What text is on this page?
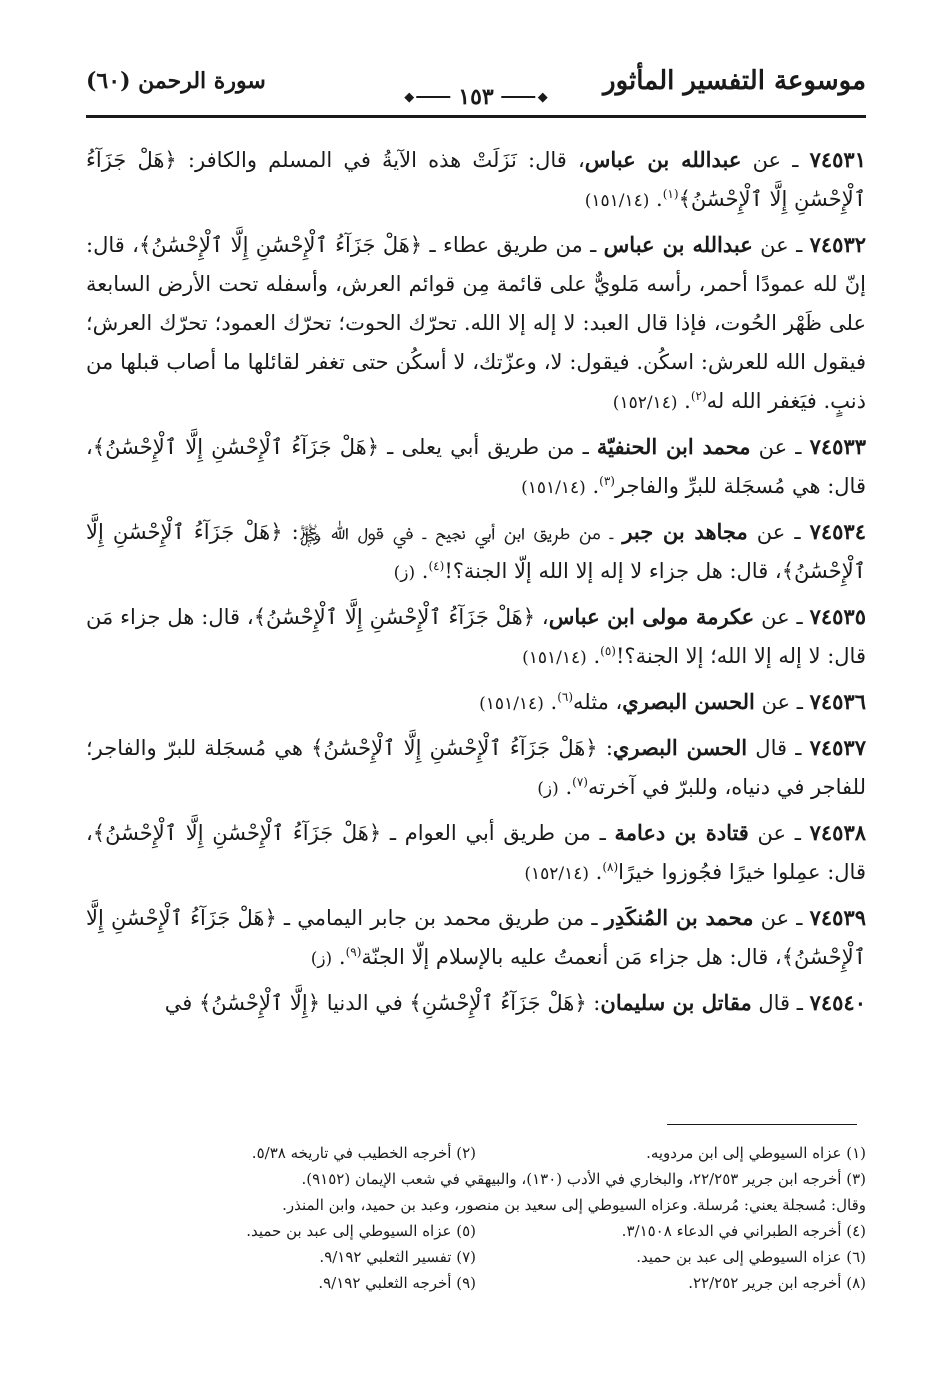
موسوعة التفسير المأثور
◆	١٥٣	◆
سورة الرحمن (٦٠)

٧٤٥٣١ ـ عن عبدالله بن عباس، قال: نَزَلَتْ هذه الآيةُ في المسلم والكافر: ﴿هَلْ جَزَآءُ ٱلْإِحْسَٰنِ إِلَّا ٱلْإِحْسَٰنُ﴾$^{(١)}$. (١٥١/١٤)

٧٤٥٣٢ ـ عن عبدالله بن عباس ـ من طريق عطاء ـ ﴿هَلْ جَزَآءُ ٱلْإِحْسَٰنِ إِلَّا ٱلْإِحْسَٰنُ﴾، قال: إنّ لله عمودًا أحمر، رأسه مَلويٌّ على قائمة مِن قوائم العرش، وأسفله تحت الأرض السابعة على ظَهْر الحُوت، فإذا قال العبد: لا إله إلا الله. تحرّك الحوت؛ تحرّك العمود؛ تحرّك العرش؛ فيقول الله للعرش: اسكُن. فيقول: لا، وعزّتك، لا أسكُن حتى تغفر لقائلها ما أصاب قبلها من ذنبٍ. فيَغفر الله له$^{(٢)}$. (١٥٢/١٤)

٧٤٥٣٣ ـ عن محمد ابن الحنفيّة ـ من طريق أبي يعلى ـ ﴿هَلْ جَزَآءُ ٱلْإِحْسَٰنِ إِلَّا ٱلْإِحْسَٰنُ﴾، قال: هي مُسجَلة للبرِّ والفاجر$^{(٣)}$. (١٥١/١٤)

٧٤٥٣٤ ـ عن مجاهد بن جبر ـ من طريق ابن أبي نجيح ـ في قول الله ﷿: ﴿هَلْ جَزَآءُ ٱلْإِحْسَٰنِ إِلَّا ٱلْإِحْسَٰنُ﴾، قال: هل جزاء لا إله إلا الله إلّا الجنة؟!$^{(٤)}$. (ز)

٧٤٥٣٥ ـ عن عكرمة مولى ابن عباس، ﴿هَلْ جَزَآءُ ٱلْإِحْسَٰنِ إِلَّا ٱلْإِحْسَٰنُ﴾، قال: هل جزاء مَن قال: لا إله إلا الله؛ إلا الجنة؟!$^{(٥)}$. (١٥١/١٤)

٧٤٥٣٦ ـ عن الحسن البصري، مثله$^{(٦)}$. (١٥١/١٤)

٧٤٥٣٧ ـ قال الحسن البصري: ﴿هَلْ جَزَآءُ ٱلْإِحْسَٰنِ إِلَّا ٱلْإِحْسَٰنُ﴾ هي مُسجَلة للبرّ والفاجر؛ للفاجر في دنياه، وللبرّ في آخرته$^{(٧)}$. (ز)

٧٤٥٣٨ ـ عن قتادة بن دعامة ـ من طريق أبي العوام ـ ﴿هَلْ جَزَآءُ ٱلْإِحْسَٰنِ إِلَّا ٱلْإِحْسَٰنُ﴾، قال: عمِلوا خيرًا فجُوزوا خيرًا$^{(٨)}$. (١٥٢/١٤)

٧٤٥٣٩ ـ عن محمد بن المُنكَدِر ـ من طريق محمد بن جابر اليمامي ـ ﴿هَلْ جَزَآءُ ٱلْإِحْسَٰنِ إِلَّا ٱلْإِحْسَٰنُ﴾، قال: هل جزاء مَن أنعمتُ عليه بالإسلام إلّا الجنّة$^{(٩)}$. (ز)

٧٤٥٤٠ ـ قال مقاتل بن سليمان: ﴿هَلْ جَزَآءُ ٱلْإِحْسَٰنِ﴾ في الدنيا ﴿إِلَّا ٱلْإِحْسَٰنُ﴾ في

(١) عزاه السيوطي إلى ابن مردويه.
(٢) أخرجه الخطيب في تاريخه ٥/٣٨.
(٣) أخرجه ابن جرير ٢٢/٢٥٣، والبخاري في الأدب (١٣٠)، والبيهقي في شعب الإيمان (٩١٥٢).
وقال: مُسجلة يعني: مُرسلة. وعزاه السيوطي إلى سعيد بن منصور، وعبد بن حميد، وابن المنذر.
(٤) أخرجه الطبراني في الدعاء ٣/١٥٠٨.
(٥) عزاه السيوطي إلى عبد بن حميد.
(٦) عزاه السيوطي إلى عبد بن حميد.
(٧) تفسير الثعلبي ٩/١٩٢.
(٨) أخرجه ابن جرير ٢٢/٢٥٢.
(٩) أخرجه الثعلبي ٩/١٩٢.
